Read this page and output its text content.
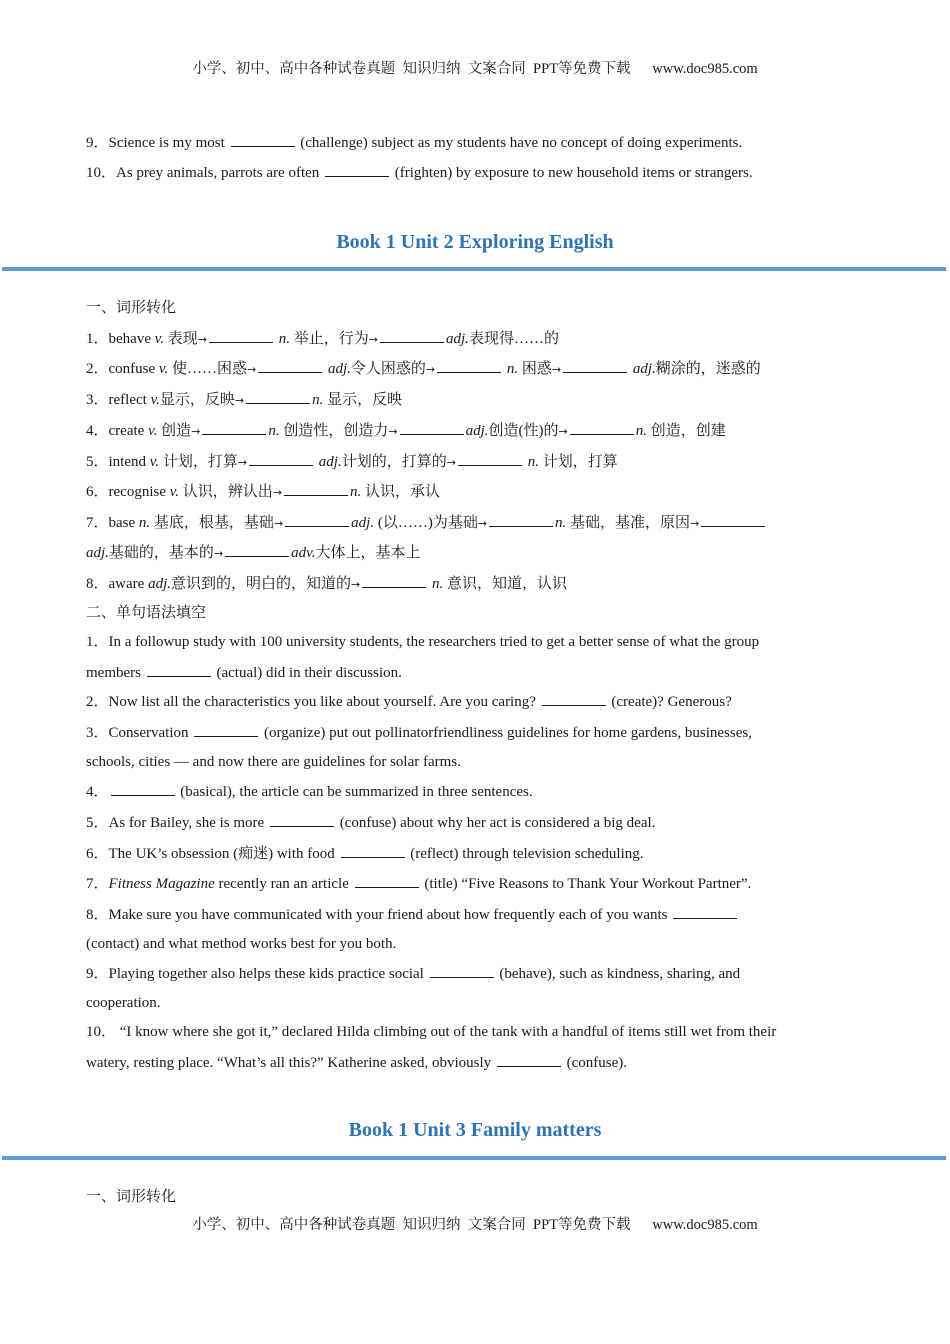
小学、初中、高中各种试卷真题  知识归纳  文案合同  PPT等免费下载      www.doc985.com
9．Science is my most	(challenge) subject as my students have no concept of doing experiments.
10．As prey animals, parrots are often	(frighten) by exposure to new household items or strangers.
Book 1 Unit 2 Exploring English
一、词形转化
1．behave v. 表现→	n. 举止，行为→	adj.表现得……的
2．confuse v. 使……困惑→	adj.令人困惑的→	n. 困惑→	adj.糊涂的，迷惑的
3．reflect v.显示，反映→	n. 显示，反映
4．create v. 创造→	n. 创造性，创造力→	adj.创造(性)的→	n. 创造，创建
5．intend v. 计划，打算→	adj.计划的，打算的→	n. 计划，打算
6．recognise v. 认识，辨认出→	n. 认识，承认
7．base n. 基底，根基，基础→	adj. (以……)为基础→	n. 基础，基准，原因→
adj.基础的，基本的→	adv.大体上，基本上
8．aware adj.意识到的，明白的，知道的→	n. 意识，知道，认识
二、单句语法填空
1．In a followup study with 100 university students, the researchers tried to get a better sense of what the group
members	(actual) did in their discussion.
2．Now list all the characteristics you like about yourself. Are you caring?	(create)? Generous?
3．Conservation	(organize) put out pollinatorfriendliness guidelines for home gardens, businesses,
schools, cities — and now there are guidelines for solar farms.
4．	(basical), the article can be summarized in three sentences.
5．As for Bailey, she is more	(confuse) about why her act is considered a big deal.
6．The UK’s obsession (痴迷) with food	(reflect) through television scheduling.
7．Fitness Magazine recently ran an article	(title) “Five Reasons to Thank Your Workout Partner”.
8．Make sure you have communicated with your friend about how frequently each of you wants
(contact) and what method works best for you both.
9．Playing together also helps these kids practice social	(behave), such as kindness, sharing, and
cooperation.
10． “I know where she got it,” declared Hilda climbing out of the tank with a handful of items still wet from their
watery, resting place. “What’s all this?” Katherine asked, obviously	(confuse).
Book 1 Unit 3 Family matters
一、词形转化
小学、初中、高中各种试卷真题  知识归纳  文案合同  PPT等免费下载      www.doc985.com
